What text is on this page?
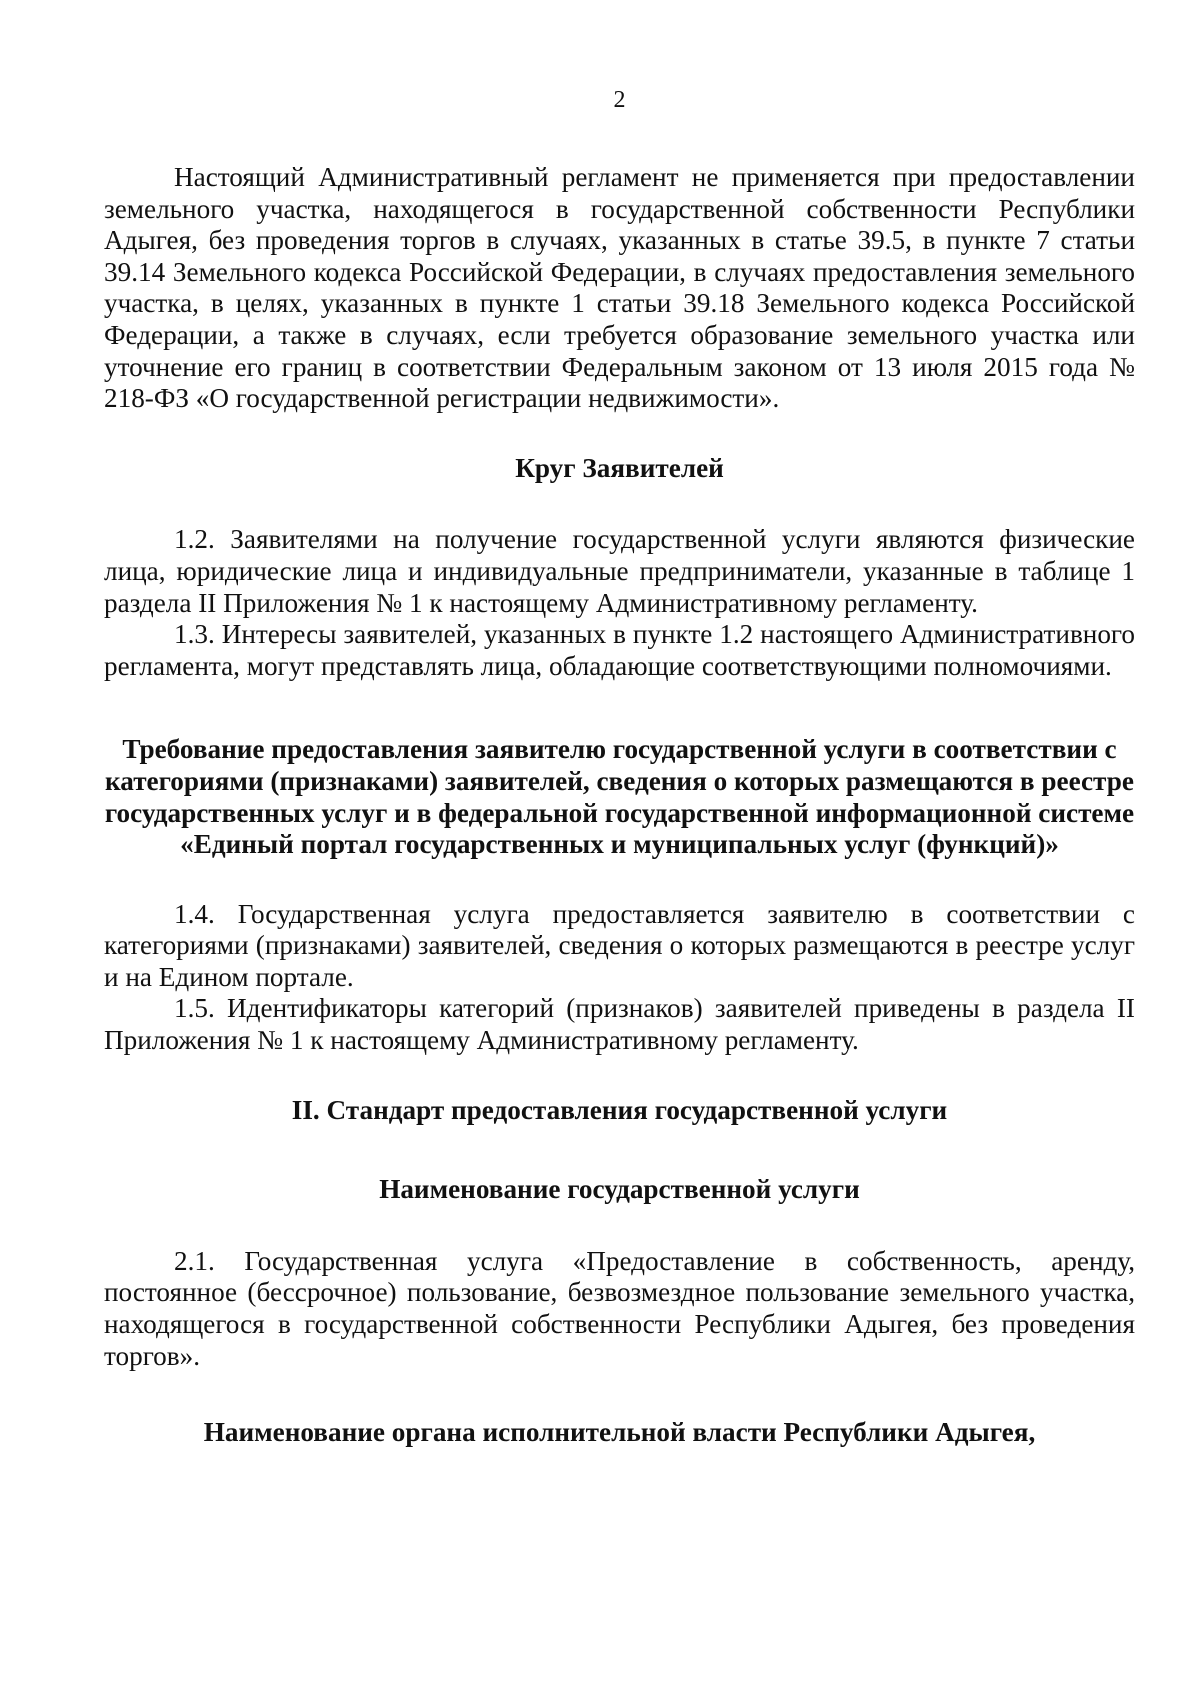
2

Настоящий Административный регламент не применяется при предоставлении земельного участка, находящегося в государственной собственности Республики Адыгея, без проведения торгов в случаях, указанных в статье 39.5, в пункте 7 статьи 39.14 Земельного кодекса Российской Федерации, в случаях предоставления земельного участка, в целях, указанных в пункте 1 статьи 39.18 Земельного кодекса Российской Федерации, а также в случаях, если требуется образование земельного участка или уточнение его границ в соответствии Федеральным законом от 13 июля 2015 года № 218-ФЗ «О государственной регистрации недвижимости».

Круг Заявителей

1.2. Заявителями на получение государственной услуги являются физические лица, юридические лица и индивидуальные предприниматели, указанные в таблице 1 раздела II Приложения № 1 к настоящему Административному регламенту.

1.3. Интересы заявителей, указанных в пункте 1.2 настоящего Административного регламента, могут представлять лица, обладающие соответствующими полномочиями.

Требование предоставления заявителю государственной услуги в соответствии с категориями (признаками) заявителей, сведения о которых размещаются в реестре государственных услуг и в федеральной государственной информационной системе «Единый портал государственных и муниципальных услуг (функций)»

1.4. Государственная услуга предоставляется заявителю в соответствии с категориями (признаками) заявителей, сведения о которых размещаются в реестре услуг и на Едином портале.

1.5. Идентификаторы категорий (признаков) заявителей приведены в раздела II Приложения № 1 к настоящему Административному регламенту.

II. Стандарт предоставления государственной услуги
Наименование государственной услуги

2.1. Государственная услуга «Предоставление в собственность, аренду, постоянное (бессрочное) пользование, безвозмездное пользование земельного участка, находящегося в государственной собственности Республики Адыгея, без проведения торгов».

Наименование органа исполнительной власти Республики Адыгея,
